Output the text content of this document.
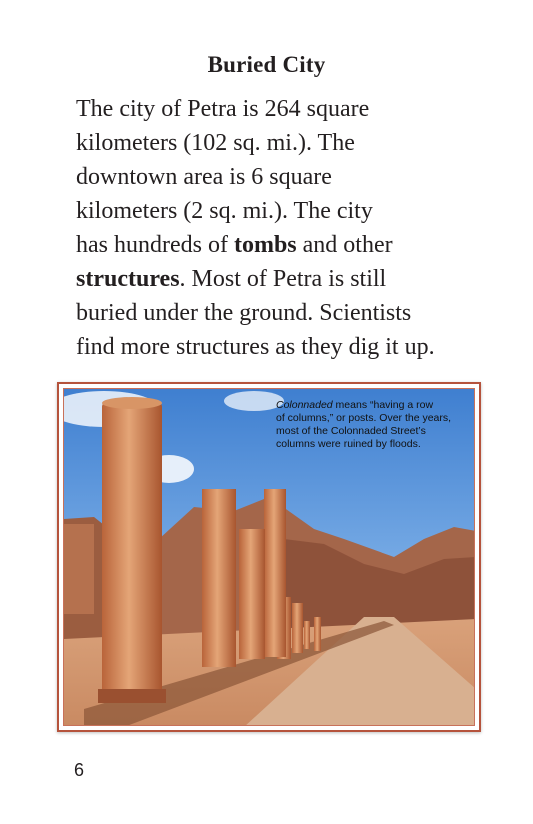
Buried City
The city of Petra is 264 square
kilometers (102 sq. mi.). The
downtown area is 6 square
kilometers (2 sq. mi.). The city
has hundreds of tombs and other
structures. Most of Petra is still
buried under the ground. Scientists
find more structures as they dig it up.
Colonnaded means “having a row
of columns,” or posts. Over the years,
most of the Colonnaded Street’s
columns were ruined by floods.
6
